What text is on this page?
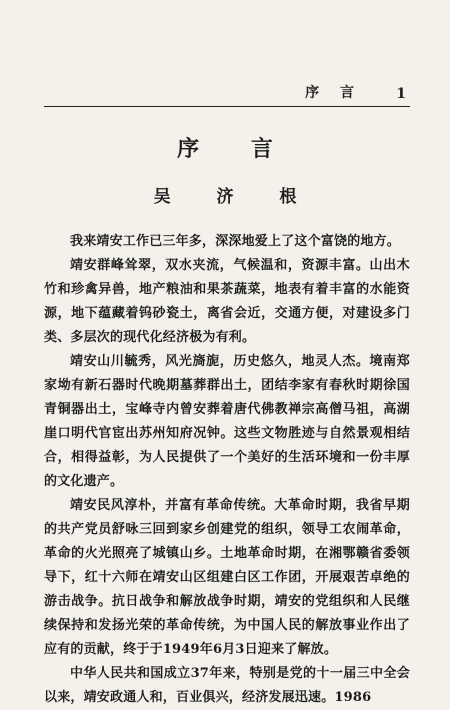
序 言 1
序 言
吴 济 根

我来靖安工作已三年多，深深地爱上了这个富饶的地方。

靖安群峰耸翠，双水夹流，气候温和，资源丰富。山出木竹和珍禽异兽，地产粮油和果茶蔬菜，地表有着丰富的水能资源，地下蕴藏着钨砂瓷土，离省会近，交通方便，对建设多门类、多层次的现代化经济极为有利。

靖安山川毓秀，风光旖旎，历史悠久，地灵人杰。境南郑家坳有新石器时代晚期墓葬群出土，团结李家有春秋时期徐国青铜器出土，宝峰寺内曾安葬着唐代佛教禅宗高僧马祖，高湖崖口明代官宦出苏州知府况钟。这些文物胜迹与自然景观相结合，相得益彰，为人民提供了一个美好的生活环境和一份丰厚的文化遗产。

靖安民风淳朴，并富有革命传统。大革命时期，我省早期的共产党员舒咏三回到家乡创建党的组织，领导工农闹革命，革命的火光照亮了城镇山乡。土地革命时期，在湘鄂赣省委领导下，红十六师在靖安山区组建白区工作团，开展艰苦卓绝的游击战争。抗日战争和解放战争时期，靖安的党组织和人民继续保持和发扬光荣的革命传统，为中国人民的解放事业作出了应有的贡献，终于于1949年6月3日迎来了解放。

中华人民共和国成立37年来，特别是党的十一届三中全会以来，靖安政通人和，百业俱兴，经济发展迅速。1986
